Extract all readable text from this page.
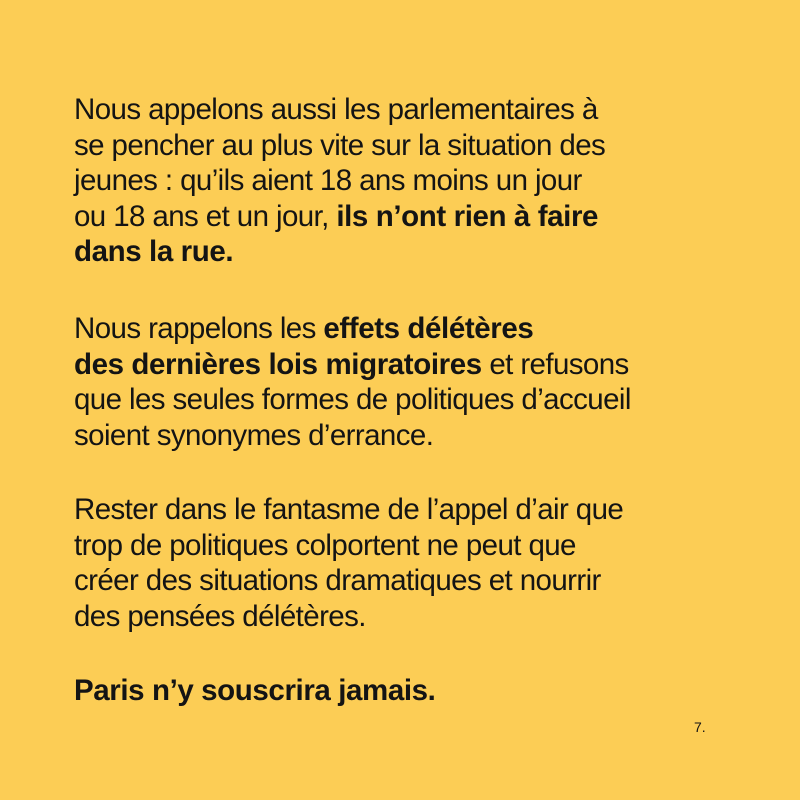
Nous appelons aussi les parlementaires à
se pencher au plus vite sur la situation des
jeunes : qu’ils aient 18 ans moins un jour
ou 18 ans et un jour, ils n’ont rien à faire
dans la rue.

Nous rappelons les effets délétères
des dernières lois migratoires et refusons
que les seules formes de politiques d’accueil
soient synonymes d’errance.

Rester dans le fantasme de l’appel d’air que
trop de politiques colportent ne peut que
créer des situations dramatiques et nourrir
des pensées délétères.

Paris n’y souscrira jamais.

7.
